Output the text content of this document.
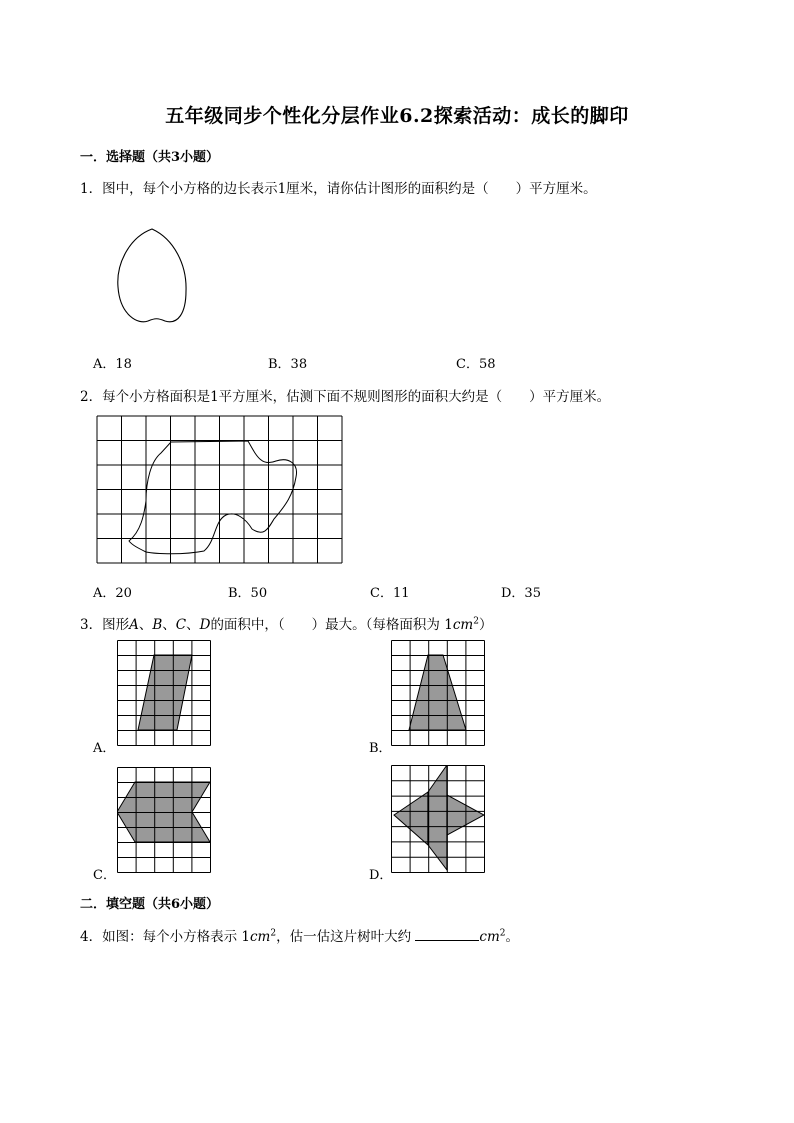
五年级同步个性化分层作业6.2探索活动：成长的脚印
一．选择题（共3小题）
1．图中，每个小方格的边长表示1厘米，请你估计图形的面积约是（　　）平方厘米。
A．18	B．38	C．58
2．每个小方格面积是1平方厘米，估测下面不规则图形的面积大约是（　　）平方厘米。
A．20	B．50	C．11	D．35
3．图形A、B、C、D的面积中，（　　）最大。（每格面积为 $1cm^2$）
A．	B．
C．	D．
二．填空题（共6小题）
4．如图：每个小方格表示 $1cm^2$，估一估这片树叶大约	$cm^2$。
